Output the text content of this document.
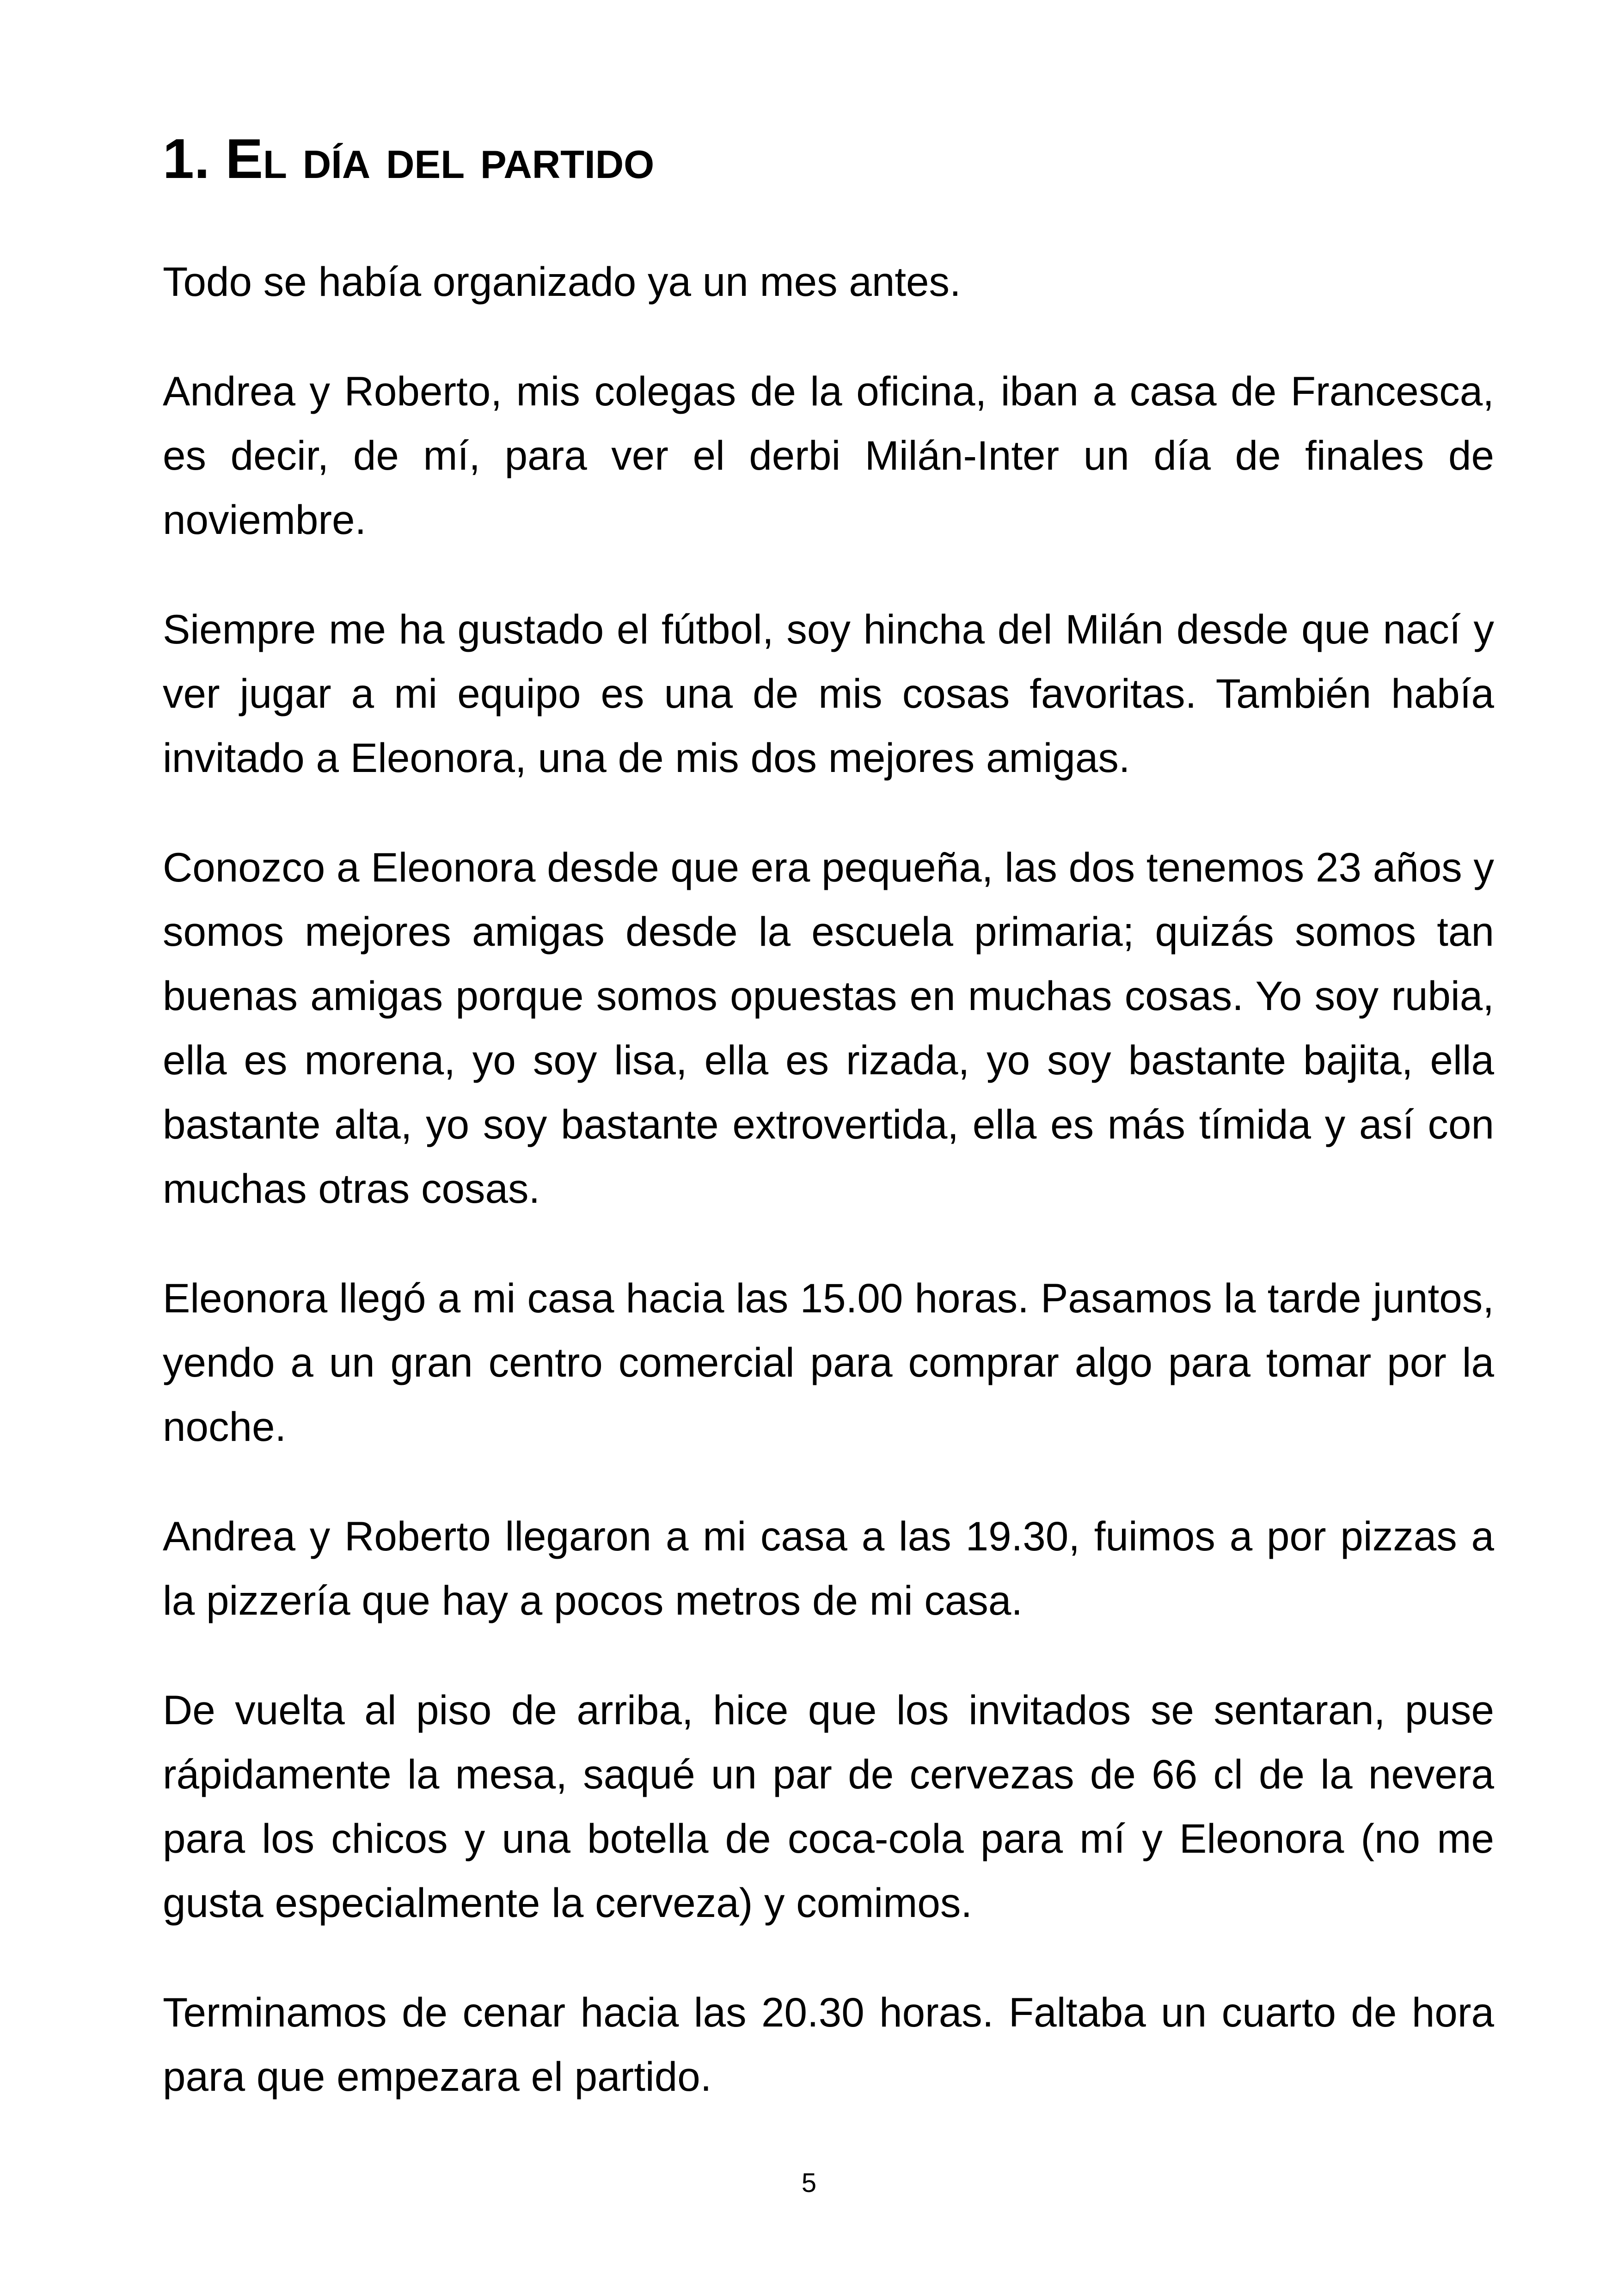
1. El día del partido

Todo se había organizado ya un mes antes.

Andrea y Roberto, mis colegas de la oficina, iban a casa de Francesca, es decir, de mí, para ver el derbi Milán-Inter un día de finales de noviembre.

Siempre me ha gustado el fútbol, soy hincha del Milán desde que nací y ver jugar a mi equipo es una de mis cosas favoritas. También había invitado a Eleonora, una de mis dos mejores amigas.

Conozco a Eleonora desde que era pequeña, las dos tenemos 23 años y somos mejores amigas desde la escuela primaria; quizás somos tan buenas amigas porque somos opuestas en muchas cosas. Yo soy rubia, ella es morena, yo soy lisa, ella es rizada, yo soy bastante bajita, ella bastante alta, yo soy bastante extrovertida, ella es más tímida y así con muchas otras cosas.

Eleonora llegó a mi casa hacia las 15.00 horas. Pasamos la tarde juntos, yendo a un gran centro comercial para comprar algo para tomar por la noche.

Andrea y Roberto llegaron a mi casa a las 19.30, fuimos a por pizzas a la pizzería que hay a pocos metros de mi casa.

De vuelta al piso de arriba, hice que los invitados se sentaran, puse rápidamente la mesa, saqué un par de cervezas de 66 cl de la nevera para los chicos y una botella de coca-cola para mí y Eleonora (no me gusta especialmente la cerveza) y comimos.

Terminamos de cenar hacia las 20.30 horas. Faltaba un cuarto de hora para que empezara el partido.

5
